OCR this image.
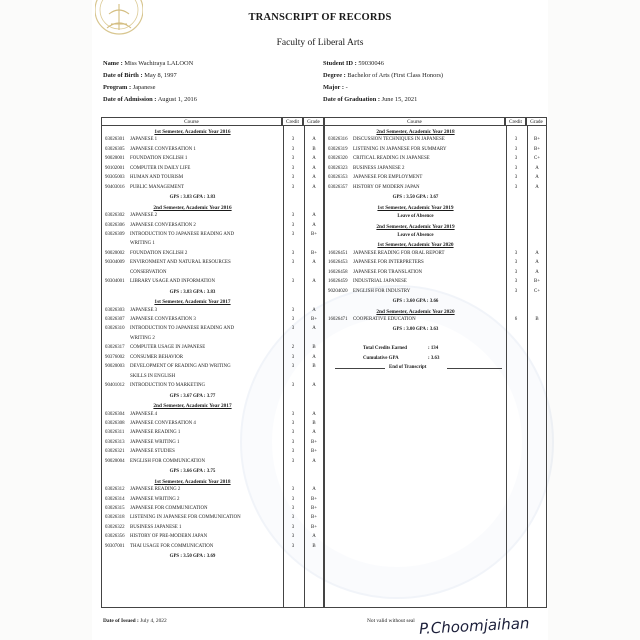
TRANSCRIPT OF RECORDS
Faculty of Liberal Arts
Name : Miss Wachiraya LALOON
Date of Birth : May 8, 1997
Program : Japanese
Date of Admission : August 1, 2016
Student ID : 59030046
Degree : Bachelor of Arts (First Class Honors)
Major : -
Date of Graduation : June 15, 2021
Course	Credit	Grade	Course	Credit	Grade
1st Semester, Academic Year 2016
03026301 JAPANESE 1	3	A
03026305 JAPANESE CONVERSATION 1	3	B
90020001 FOUNDATION ENGLISH 1	3	A
90102001 COMPUTER IN DAILY LIFE	3	A
90305003 HUMAN AND TOURISM	3	A
90403016 PUBLIC MANAGEMENT	3	A
GPS : 3.83 GPA : 3.83
2nd Semester, Academic Year 2016
03026302 JAPANESE 2	3	A
03026306 JAPANESE CONVERSATION 2	3	A
03026309 INTRODUCTION TO JAPANESE READING AND	3	B+
WRITING 1
90020002 FOUNDATION ENGLISH 2	3	B+
90304009 ENVIRONMENT AND NATURAL RESOURCES	3	A
CONSERVATION
90304001 LIBRARY USAGE AND INFORMATION	3	A
GPS : 3.83 GPA : 3.83
1st Semester, Academic Year 2017
03026303 JAPANESE 3	3	A
03026307 JAPANESE CONVERSATION 3	3	B+
03026310 INTRODUCTION TO JAPANESE READING AND	3	A
WRITING 2
03026317 COMPUTER USAGE IN JAPANESE	2	B
90376002 CONSUMER BEHAVIOR	3	A
90020003 DEVELOPMENT OF READING AND WRITING	3	B
SKILLS IN ENGLISH
90401012 INTRODUCTION TO MARKETING	3	A
GPS : 3.67 GPA : 3.77
2nd Semester, Academic Year 2017
03026304 JAPANESE 4	3	A
03026308 JAPANESE CONVERSATION 4	3	B
03026311 JAPANESE READING 1	3	A
03026313 JAPANESE WRITING 1	3	B+
03026321 JAPANESE STUDIES	3	B+
90020004 ENGLISH FOR COMMUNICATION	3	A
GPS : 3.66 GPA : 3.75
1st Semester, Academic Year 2018
03026312 JAPANESE READING 2	3	A
03026314 JAPANESE WRITING 2	3	B+
03026315 JAPANESE FOR COMMUNICATION	3	B+
03026318 LISTENING IN JAPANESE FOR COMMUNICATION	3	B+
03026322 BUSINESS JAPANESE 1	3	B+
03026356 HISTORY OF PRE-MODERN JAPAN	3	A
90307001 THAI USAGE FOR COMMUNICATION	3	B
GPS : 3.50 GPA : 3.69
2nd Semester, Academic Year 2018
03026316 DISCUSSION TECHNIQUES IN JAPANESE	3	B+
03026319 LISTENING IN JAPANESE FOR SUMMARY	3	B+
03026320 CRITICAL READING IN JAPANESE	3	C+
03026323 BUSINESS JAPANESE 2	3	A
03026353 JAPANESE FOR EMPLOYMENT	3	A
03026357 HISTORY OF MODERN JAPAN	3	A
GPS : 3.50 GPA : 3.67
1st Semester, Academic Year 2019
Leave of Absence
2nd Semester, Academic Year 2019
Leave of Absence
1st Semester, Academic Year 2020
16026451 JAPANESE READING FOR ORAL REPORT	3	A
16026453 JAPANESE FOR INTERPRETERS	3	A
16026458 JAPANESE FOR TRANSLATION	3	A
16026459 INDUSTRIAL JAPANESE	3	B+
90204020 ENGLISH FOR INDUSTRY	3	C+
GPS : 3.60 GPA : 3.66
2nd Semester, Academic Year 2020
16026471 COOPERATIVE EDUCATION	6	B
GPS : 3.00 GPA : 3.63
Total Credits Earned	: 134
Cumulative GPA	: 3.63
End of Transcript
Date of Issued : July 4, 2022	Not valid without seal P.Choomjaihan
